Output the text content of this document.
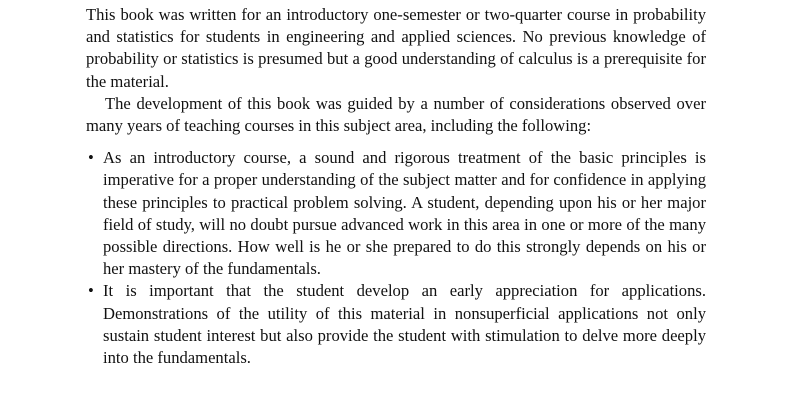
This book was written for an introductory one-semester or two-quarter course in probability and statistics for students in engineering and applied sciences. No previous knowledge of probability or statistics is presumed but a good understanding of calculus is a prerequisite for the material.

The development of this book was guided by a number of considerations observed over many years of teaching courses in this subject area, including the following:

• As an introductory course, a sound and rigorous treatment of the basic principles is imperative for a proper understanding of the subject matter and for confidence in applying these principles to practical problem solving. A student, depending upon his or her major field of study, will no doubt pursue advanced work in this area in one or more of the many possible directions. How well is he or she prepared to do this strongly depends on his or her mastery of the fundamentals.
• It is important that the student develop an early appreciation for applications. Demonstrations of the utility of this material in nonsuperficial applications not only sustain student interest but also provide the student with stimulation to delve more deeply into the fundamentals.
